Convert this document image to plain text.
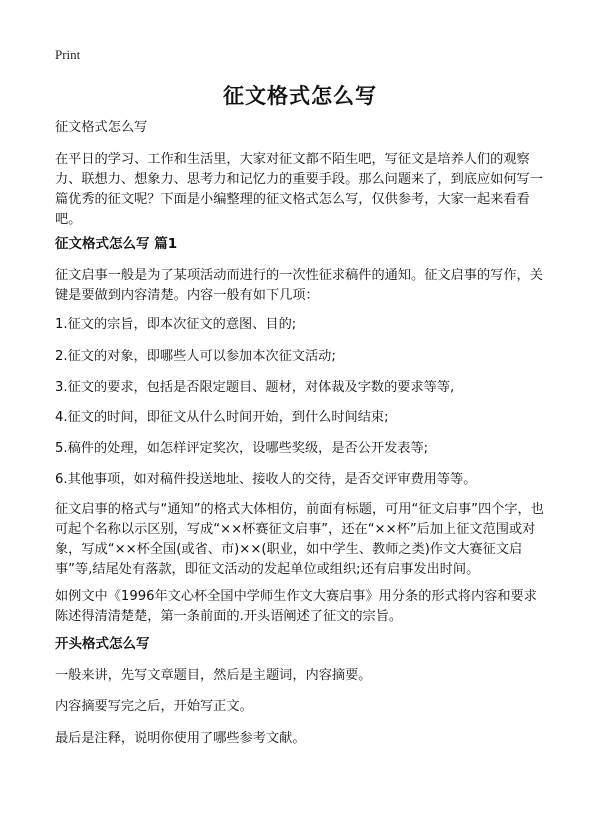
Print
征文格式怎么写

征文格式怎么写

在平日的学习、工作和生活里，大家对征文都不陌生吧，写征文是培养人们的观察力、联想力、想象力、思考力和记忆力的重要手段。那么问题来了，到底应如何写一篇优秀的征文呢？下面是小编整理的征文格式怎么写，仅供参考，大家一起来看看吧。

征文格式怎么写 篇1

征文启事一般是为了某项活动而进行的一次性征求稿件的通知。征文启事的写作，关键是要做到内容清楚。内容一般有如下几项：

1.征文的宗旨，即本次征文的意图、目的;

2.征文的对象，即哪些人可以参加本次征文活动;

3.征文的要求，包括是否限定题目、题材，对体裁及字数的要求等等,

4.征文的时间，即征文从什么时间开始，到什么时间结束;

5.稿件的处理，如怎样评定奖次，设哪些奖级，是否公开发表等;

6.其他事项，如对稿件投送地址、接收人的交待，是否交评审费用等等。

征文启事的格式与“通知”的格式大体相仿，前面有标题，可用“征文启事”四个字，也可起个名称以示区别，写成“××杯赛征文启事”，还在“××杯”后加上征文范围或对象，写成“××杯全国(或省、市)××(职业，如中学生、教师之类)作文大赛征文启事”等,结尾处有落款，即征文活动的发起单位或组织;还有启事发出时间。

如例文中《1996年文心杯全国中学师生作文大赛启事》用分条的形式将内容和要求陈述得清清楚楚，第一条前面的.开头语阐述了征文的宗旨。

开头格式怎么写

一般来讲，先写文章题目，然后是主题词，内容摘要。

内容摘要写完之后，开始写正文。

最后是注释，说明你使用了哪些参考文献。
